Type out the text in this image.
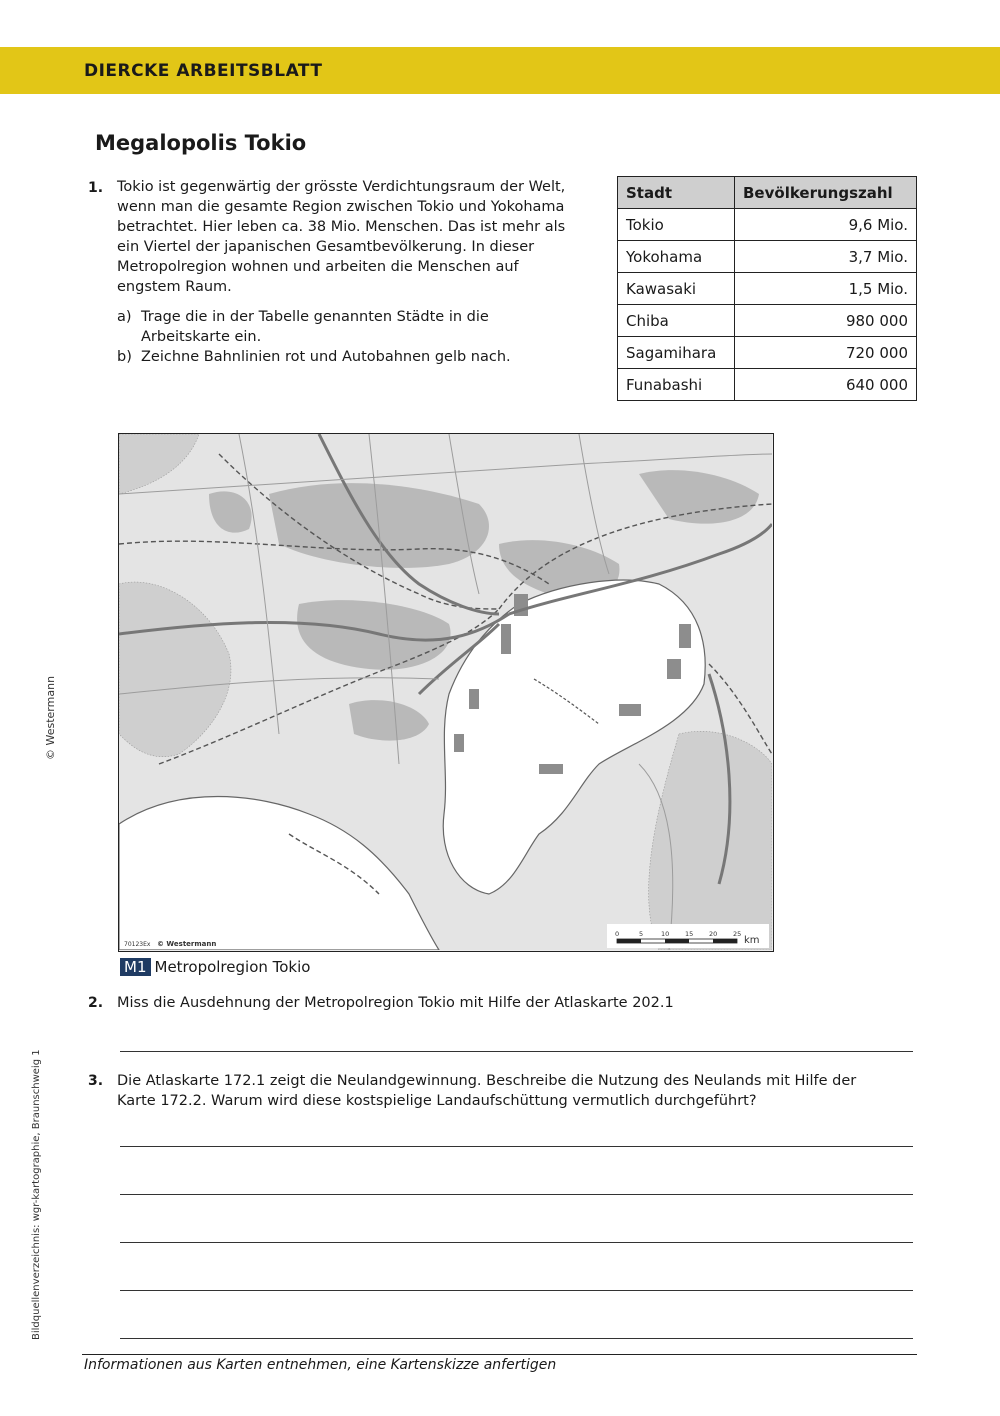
DIERCKE ARBEITSBLATT
Megalopolis Tokio
1. Tokio ist gegenwärtig der grösste Verdichtungsraum der Welt,
wenn man die gesamte Region zwischen Tokio und Yokohama
betrachtet. Hier leben ca. 38 Mio. Menschen. Das ist mehr als
ein Viertel der japanischen Gesamtbevölkerung. In dieser
Metropolregion wohnen und arbeiten die Menschen auf
engstem Raum.
a) Trage die in der Tabelle genannten Städte in die
Arbeitskarte ein.
b) Zeichne Bahnlinien rot und Autobahnen gelb nach.
Stadt	Bevölkerungszahl
Tokio	9,6 Mio.
Yokohama	3,7 Mio.
Kawasaki	1,5 Mio.
Chiba	980 000
Sagamihara	720 000
Funabashi	640 000
70123Ex © Westermann
0	5	10 15 20 25
km
M1 Metropolregion Tokio
2. Miss die Ausdehnung der Metropolregion Tokio mit Hilfe der Atlaskarte 202.1
3. Die Atlaskarte 172.1 zeigt die Neulandgewinnung. Beschreibe die Nutzung des Neulands mit Hilfe der
Karte 172.2. Warum wird diese kostspielige Landaufschüttung vermutlich durchgeführt?
© Westermann
Bildquellenverzeichnis: wgr-kartographie, Braunschweig 1
Informationen aus Karten entnehmen, eine Kartenskizze anfertigen
